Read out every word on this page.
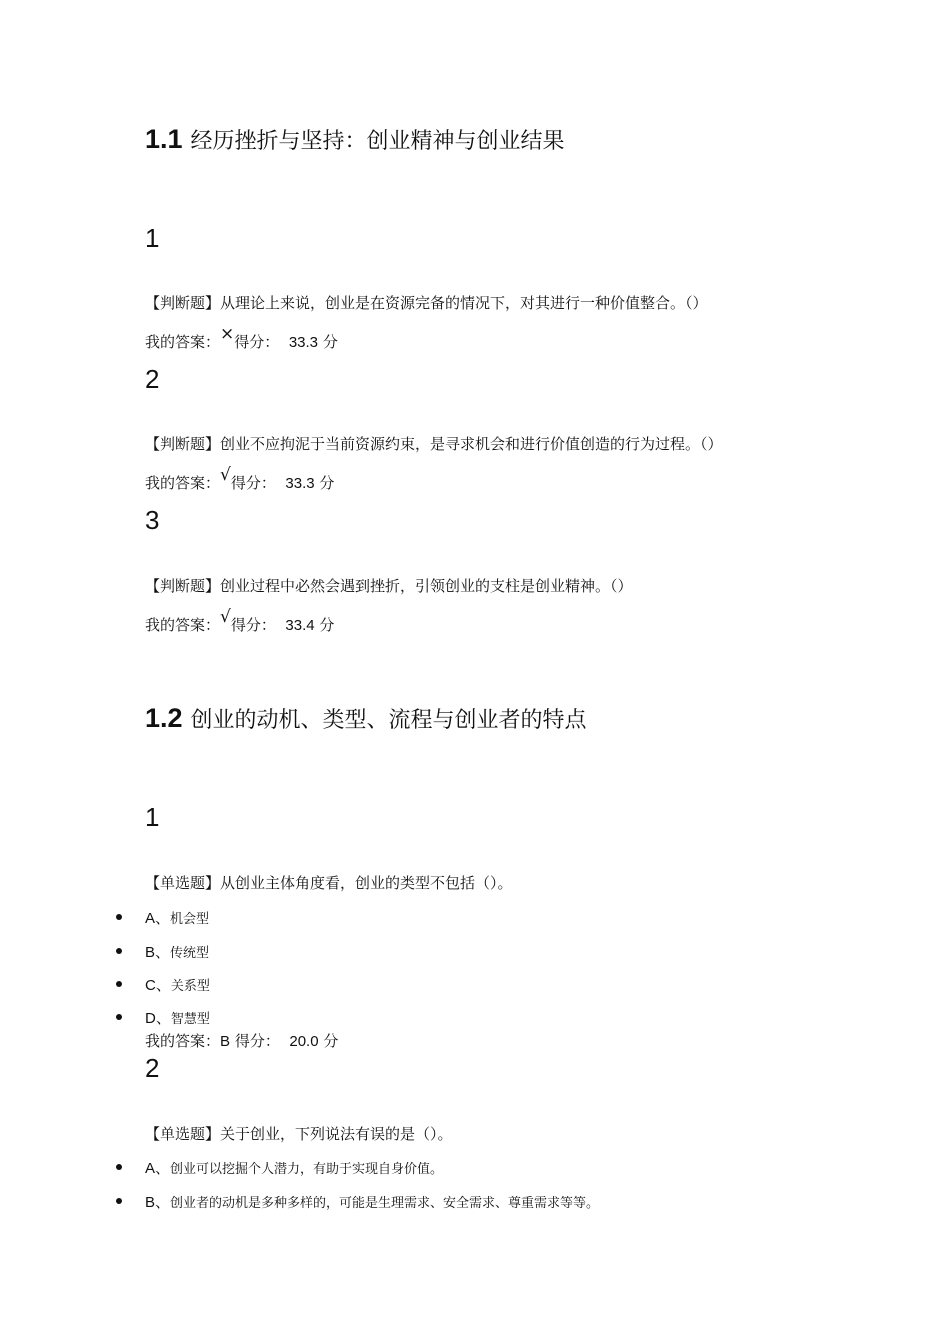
1.1 经历挫折与坚持：创业精神与创业结果
1
【判断题】从理论上来说，创业是在资源完备的情况下，对其进行一种价值整合。（）
我的答案：×得分： 33.3 分
2
【判断题】创业不应拘泥于当前资源约束，是寻求机会和进行价值创造的行为过程。（）
我的答案：√得分： 33.3 分
3
【判断题】创业过程中必然会遇到挫折，引领创业的支柱是创业精神。（）
我的答案：√得分： 33.4 分
1.2 创业的动机、类型、流程与创业者的特点
1
【单选题】从创业主体角度看，创业的类型不包括（）。
A、机会型
B、传统型
C、关系型
D、智慧型
我的答案：B 得分： 20.0 分
2
【单选题】关于创业，下列说法有误的是（）。
A、创业可以挖掘个人潜力，有助于实现自身价值。
B、创业者的动机是多种多样的，可能是生理需求、安全需求、尊重需求等等。
